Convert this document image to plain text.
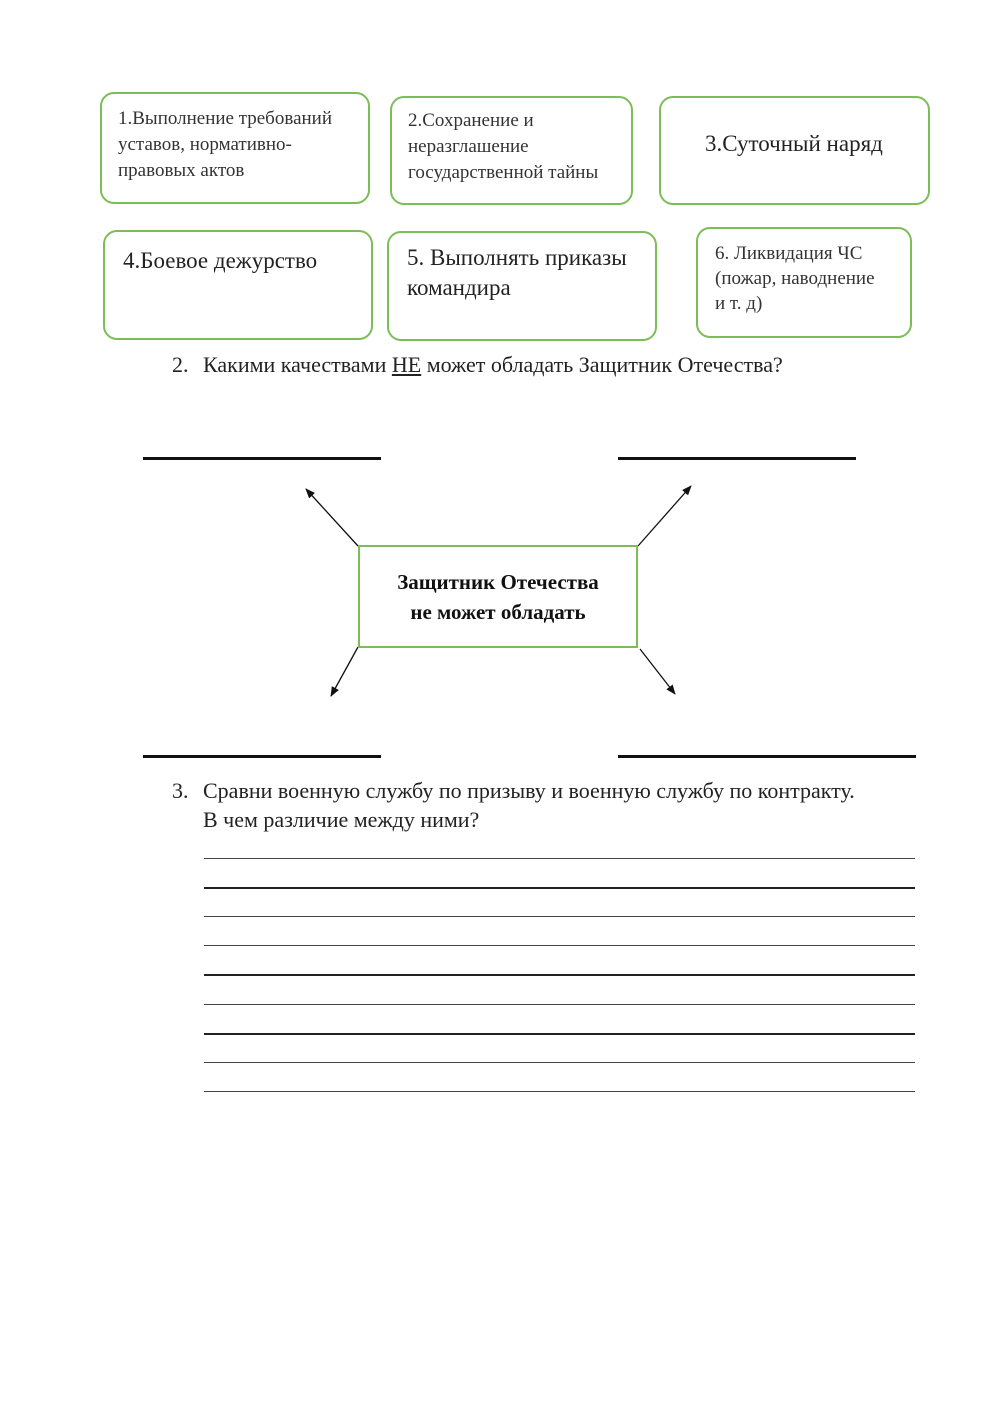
1.Выполнение требований
уставов, нормативно-
правовых актов
2.Сохранение и
неразглашение
государственной тайны
3.Суточный наряд
4.Боевое дежурство	5. Выполнять приказы
командира
6. Ликвидация ЧС
(пожар, наводнение
и т. д)
2. Какими качествами НЕ может обладать Защитник Отечества?
Защитник Отечества
не может обладать
3. Сравни военную службу по призыву и военную службу по контракту.
В чем различие между ними?
